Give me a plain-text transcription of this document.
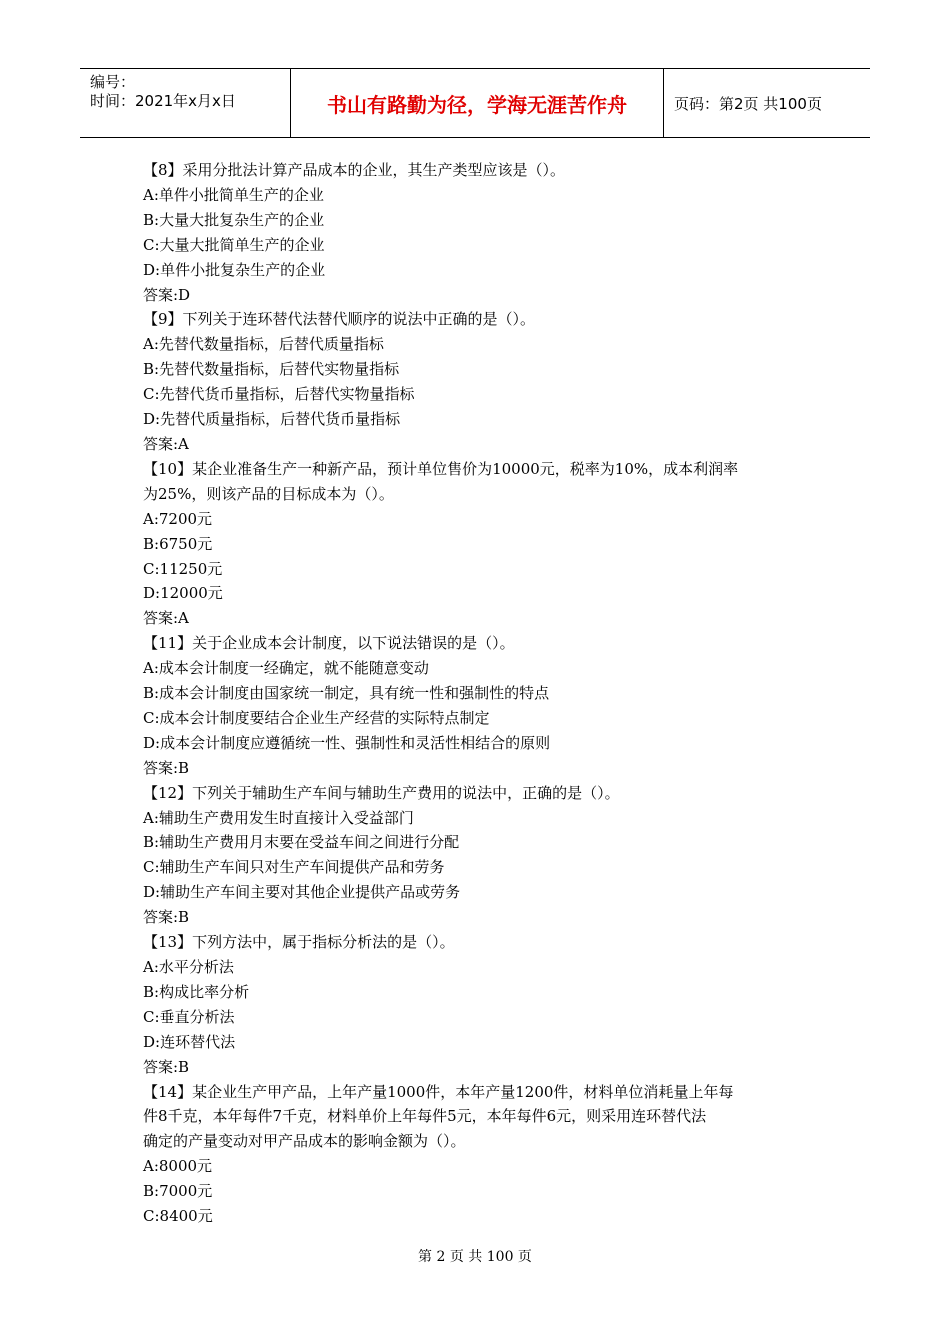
编号：
时间：2021年x月x日	书山有路勤为径，学海无涯苦作舟	页码：第2页 共100页

【8】采用分批法计算产品成本的企业，其生产类型应该是（）。

A:单件小批简单生产的企业

B:大量大批复杂生产的企业

C:大量大批简单生产的企业

D:单件小批复杂生产的企业

答案:D

【9】下列关于连环替代法替代顺序的说法中正确的是（）。

A:先替代数量指标，后替代质量指标

B:先替代数量指标，后替代实物量指标

C:先替代货币量指标，后替代实物量指标

D:先替代质量指标，后替代货币量指标

答案:A

【10】某企业准备生产一种新产品，预计单位售价为10000元，税率为10%，成本利润率

为25%，则该产品的目标成本为（）。

A:7200元

B:6750元

C:11250元

D:12000元

答案:A

【11】关于企业成本会计制度，以下说法错误的是（）。

A:成本会计制度一经确定，就不能随意变动

B:成本会计制度由国家统一制定，具有统一性和强制性的特点

C:成本会计制度要结合企业生产经营的实际特点制定

D:成本会计制度应遵循统一性、强制性和灵活性相结合的原则

答案:B

【12】下列关于辅助生产车间与辅助生产费用的说法中，正确的是（）。

A:辅助生产费用发生时直接计入受益部门

B:辅助生产费用月末要在受益车间之间进行分配

C:辅助生产车间只对生产车间提供产品和劳务

D:辅助生产车间主要对其他企业提供产品或劳务

答案:B

【13】下列方法中，属于指标分析法的是（）。

A:水平分析法

B:构成比率分析

C:垂直分析法

D:连环替代法

答案:B

【14】某企业生产甲产品，上年产量1000件，本年产量1200件，材料单位消耗量上年每

件8千克，本年每件7千克，材料单价上年每件5元，本年每件6元，则采用连环替代法

确定的产量变动对甲产品成本的影响金额为（）。

A:8000元

B:7000元

C:8400元

第 2 页 共 100 页
